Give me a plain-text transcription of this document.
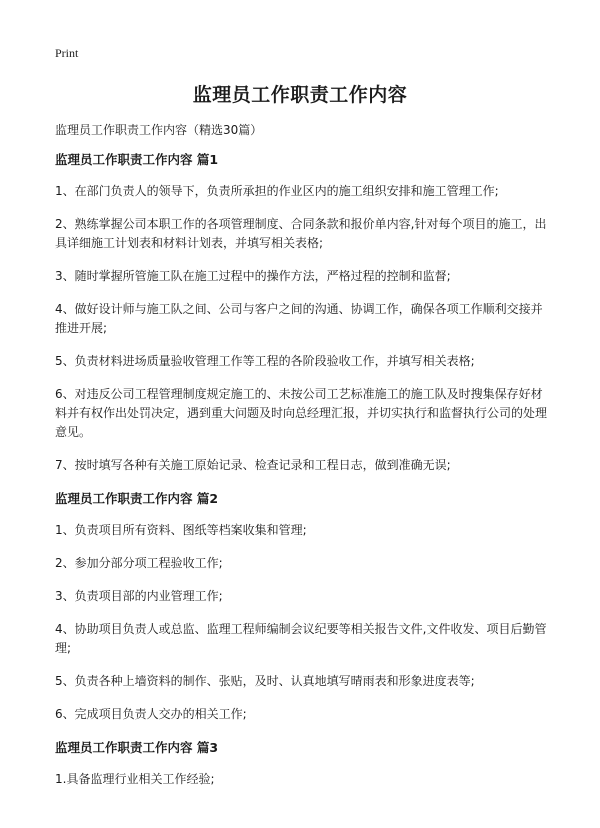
Print
监理员工作职责工作内容

监理员工作职责工作内容（精选30篇）

监理员工作职责工作内容 篇1

1、在部门负责人的领导下，负责所承担的作业区内的施工组织安排和施工管理工作;

2、熟练掌握公司本职工作的各项管理制度、合同条款和报价单内容,针对每个项目的施工，出具详细施工计划表和材料计划表，并填写相关表格;

3、随时掌握所管施工队在施工过程中的操作方法，严格过程的控制和监督;

4、做好设计师与施工队之间、公司与客户之间的沟通、协调工作，确保各项工作顺利交接并推进开展;

5、负责材料进场质量验收管理工作等工程的各阶段验收工作，并填写相关表格;

6、对违反公司工程管理制度规定施工的、未按公司工艺标准施工的施工队及时搜集保存好材料并有权作出处罚决定，遇到重大问题及时向总经理汇报，并切实执行和监督执行公司的处理意见。

7、按时填写各种有关施工原始记录、检查记录和工程日志，做到准确无误;

监理员工作职责工作内容 篇2

1、负责项目所有资料、图纸等档案收集和管理;

2、参加分部分项工程验收工作;

3、负责项目部的内业管理工作;

4、协助项目负责人或总监、监理工程师编制会议纪要等相关报告文件,文件收发、项目后勤管理;

5、负责各种上墙资料的制作、张贴，及时、认真地填写晴雨表和形象进度表等;

6、完成项目负责人交办的相关工作;

监理员工作职责工作内容 篇3

1.具备监理行业相关工作经验;
